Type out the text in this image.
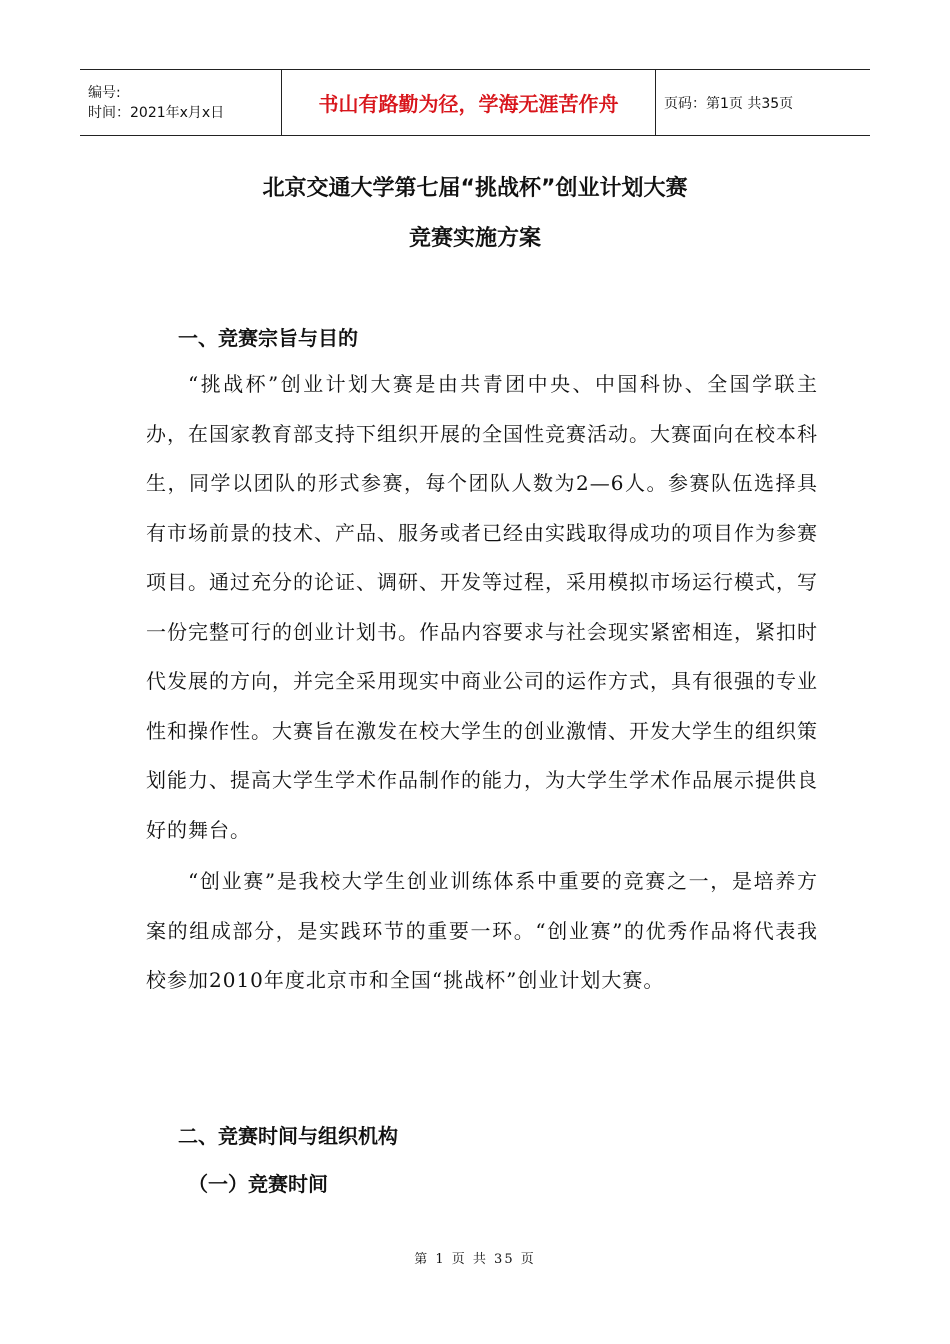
编号:
时间：2021年x月x日	书山有路勤为径，学海无涯苦作舟	页码：第1页 共35页
北京交通大学第七届“挑战杯”创业计划大赛
竞赛实施方案
一、竞赛宗旨与目的

“挑战杯”创业计划大赛是由共青团中央、中国科协、全国学联主办，在国家教育部支持下组织开展的全国性竞赛活动。大赛面向在校本科生，同学以团队的形式参赛，每个团队人数为2—6人。参赛队伍选择具有市场前景的技术、产品、服务或者已经由实践取得成功的项目作为参赛项目。通过充分的论证、调研、开发等过程，采用模拟市场运行模式，写一份完整可行的创业计划书。作品内容要求与社会现实紧密相连，紧扣时代发展的方向，并完全采用现实中商业公司的运作方式，具有很强的专业性和操作性。大赛旨在激发在校大学生的创业激情、开发大学生的组织策划能力、提高大学生学术作品制作的能力，为大学生学术作品展示提供良好的舞台。

“创业赛”是我校大学生创业训练体系中重要的竞赛之一，是培养方案的组成部分，是实践环节的重要一环。“创业赛”的优秀作品将代表我校参加2010年度北京市和全国“挑战杯”创业计划大赛。

二、竞赛时间与组织机构
（一）竞赛时间
第 1 页 共 35 页
